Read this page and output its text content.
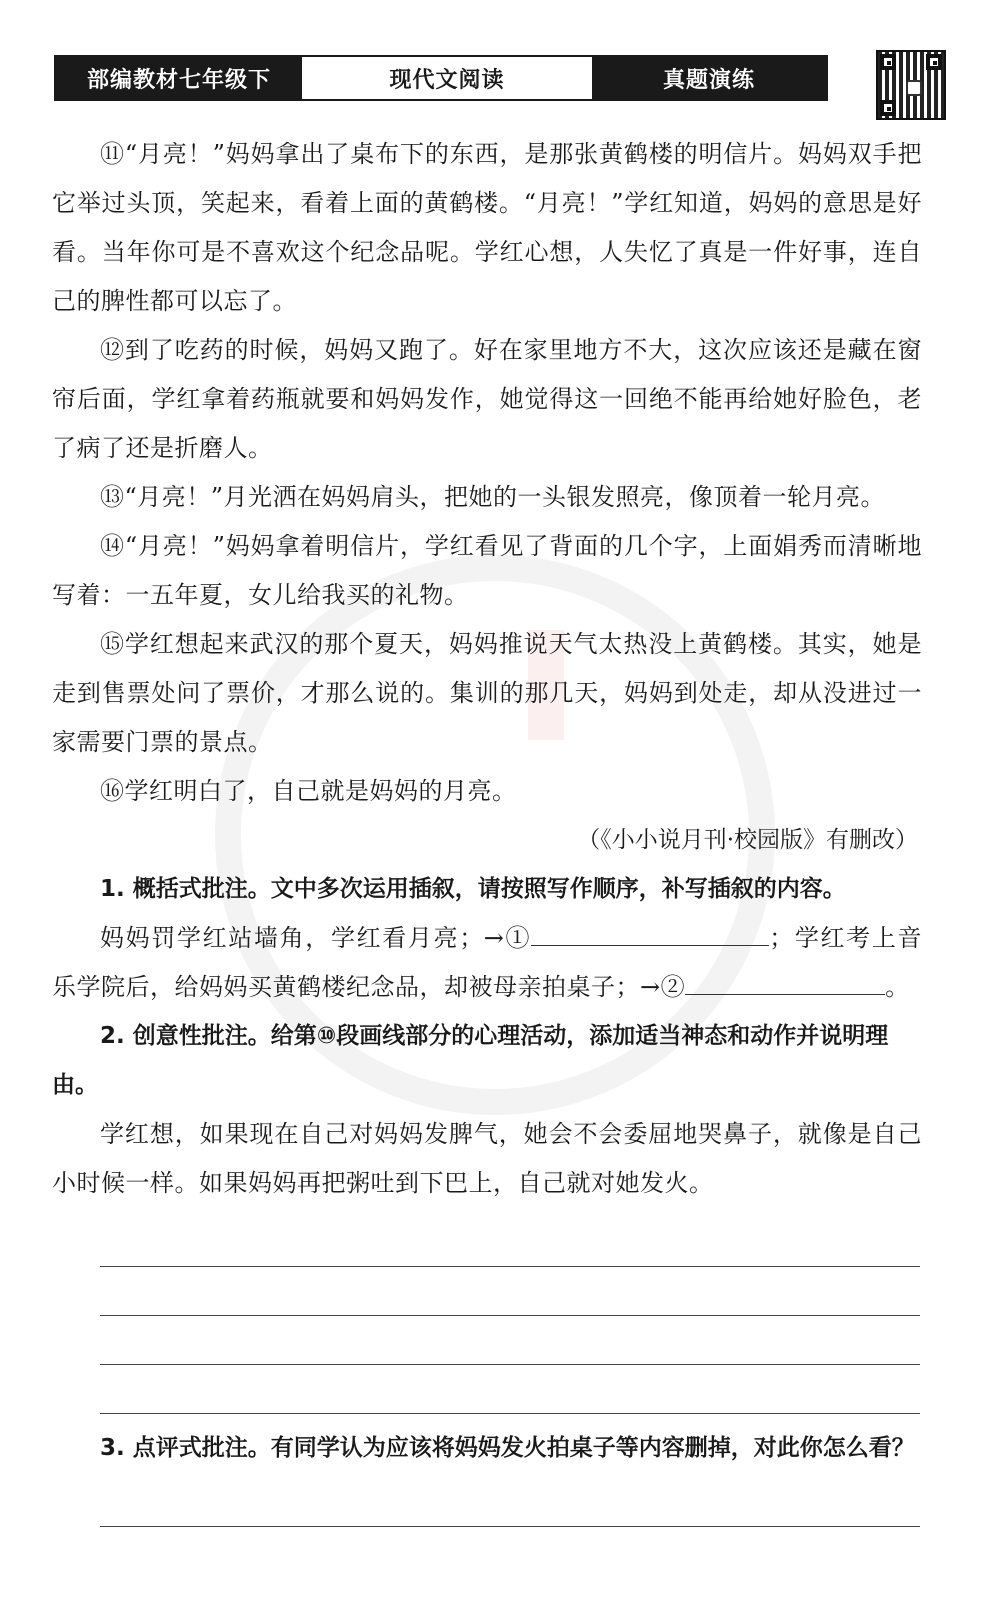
部编教材七年级下	现代文阅读	真题演练

⑪“月亮！”妈妈拿出了桌布下的东西，是那张黄鹤楼的明信片。妈妈双手把它举过头顶，笑起来，看着上面的黄鹤楼。“月亮！”学红知道，妈妈的意思是好看。当年你可是不喜欢这个纪念品呢。学红心想，人失忆了真是一件好事，连自己的脾性都可以忘了。

⑫到了吃药的时候，妈妈又跑了。好在家里地方不大，这次应该还是藏在窗帘后面，学红拿着药瓶就要和妈妈发作，她觉得这一回绝不能再给她好脸色，老了病了还是折磨人。

⑬“月亮！”月光洒在妈妈肩头，把她的一头银发照亮，像顶着一轮月亮。

⑭“月亮！”妈妈拿着明信片，学红看见了背面的几个字，上面娟秀而清晰地写着：一五年夏，女儿给我买的礼物。

⑮学红想起来武汉的那个夏天，妈妈推说天气太热没上黄鹤楼。其实，她是走到售票处问了票价，才那么说的。集训的那几天，妈妈到处走，却从没进过一家需要门票的景点。

⑯学红明白了，自己就是妈妈的月亮。

（《小小说月刊·校园版》有删改）

1. 概括式批注。文中多次运用插叙，请按照写作顺序，补写插叙的内容。

妈妈罚学红站墙角，学红看月亮；→①	；学红考上音乐学院后，给妈妈买黄鹤楼纪念品，却被母亲拍桌子；→②	。

2. 创意性批注。给第⑩段画线部分的心理活动，添加适当神态和动作并说明理由。

学红想，如果现在自己对妈妈发脾气，她会不会委屈地哭鼻子，就像是自己小时候一样。如果妈妈再把粥吐到下巴上，自己就对她发火。

3. 点评式批注。有同学认为应该将妈妈发火拍桌子等内容删掉，对此你怎么看？
